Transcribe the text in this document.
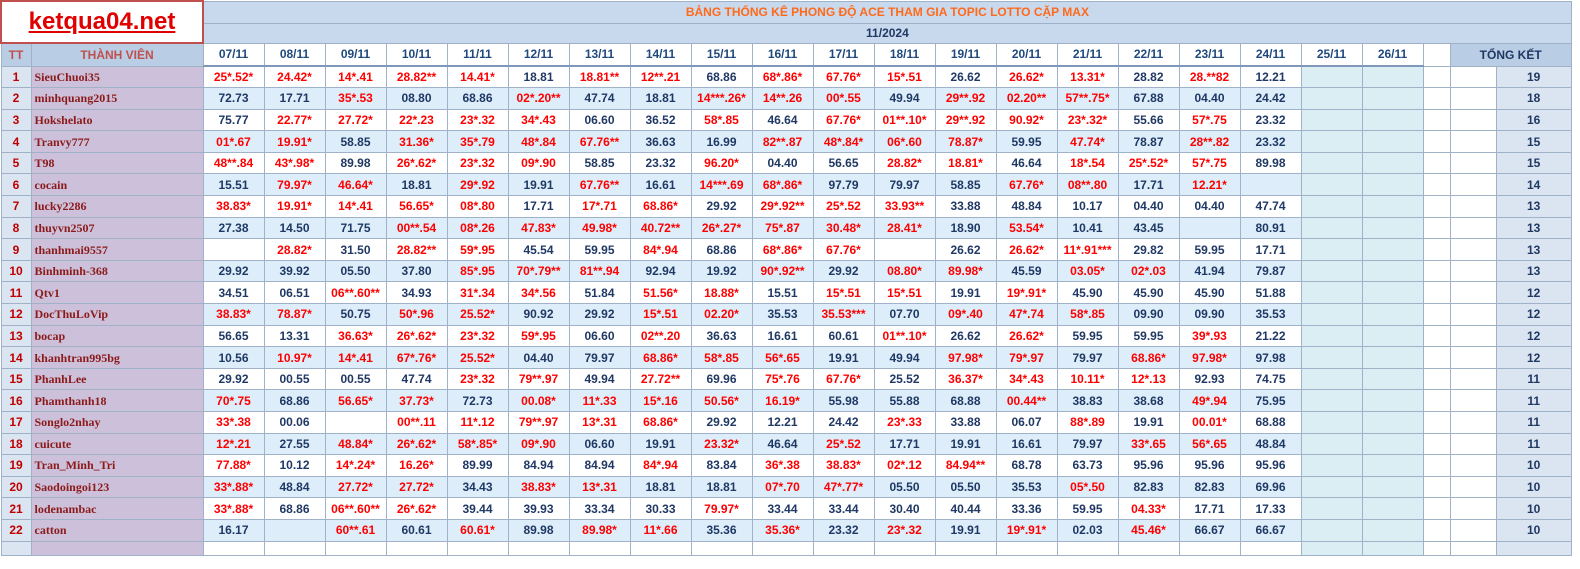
ketqua04.net		BẢNG THỐNG KÊ PHONG ĐỘ ACE THAM GIA TOPIC LOTTO CẶP MAX																						
		11/2024																						
TT	THÀNH VIÊN	07/11	08/11	09/11	10/11	11/11	12/11	13/11	14/11	15/11	16/11	17/11	18/11	19/11	20/11	21/11	22/11	23/11	24/11	25/11	26/11		TỔNG KẾT	
1	SieuChuoi35	25*.52*	24.42*	14*.41	28.82**	14.41*	18.81	18.81**	12**.21	68.86	68*.86*	67.76*	15*.51	26.62	26.62*	13.31*	28.82	28.**82	12.21					19
2	minhquang2015	72.73	17.71	35*.53	08.80	68.86	02*.20**	47.74	18.81	14***.26*	14**.26	00*.55	49.94	29**.92	02.20**	57**.75*	67.88	04.40	24.42					18
3	Hokshelato	75.77	22.77*	27.72*	22*.23	23*.32	34*.43	06.60	36.52	58*.85	46.64	67.76*	01**.10*	29**.92	90.92*	23*.32*	55.66	57*.75	23.32					16
4	Tranvy777	01*.67	19.91*	58.85	31.36*	35*.79	48*.84	67.76**	36.63	16.99	82**.87	48*.84*	06*.60	78.87*	59.95	47.74*	78.87	28**.82	23.32					15
5	T98	48**.84	43*.98*	89.98	26*.62*	23*.32	09*.90	58.85	23.32	96.20*	04.40	56.65	28.82*	18.81*	46.64	18*.54	25*.52*	57*.75	89.98					15
6	cocain	15.51	79.97*	46.64*	18.81	29*.92	19.91	67.76**	16.61	14***.69	68*.86*	97.79	79.97	58.85	67.76*	08**.80	17.71	12.21*						14
7	lucky2286	38.83*	19.91*	14*.41	56.65*	08*.80	17.71	17*.71	68.86*	29.92	29*.92**	25*.52	33.93**	33.88	48.84	10.17	04.40	04.40	47.74					13
8	thuyvn2507	27.38	14.50	71.75	00**.54	08*.26	47.83*	49.98*	40.72**	26*.27*	75*.87	30.48*	28.41*	18.90	53.54*	10.41	43.45		80.91					13
9	thanhmai9557		28.82*	31.50	28.82**	59*.95	45.54	59.95	84*.94	68.86	68*.86*	67.76*		26.62	26.62*	11*.91***	29.82	59.95	17.71					13
10	Binhminh-368	29.92	39.92	05.50	37.80	85*.95	70*.79**	81**.94	92.94	19.92	90*.92**	29.92	08.80*	89.98*	45.59	03.05*	02*.03	41.94	79.87					13
11	Qtv1	34.51	06.51	06**.60**	34.93	31*.34	34*.56	51.84	51.56*	18.88*	15.51	15*.51	15*.51	19.91	19*.91*	45.90	45.90	45.90	51.88					12
12	DocThuLoVip	38.83*	78.87*	50.75	50*.96	25.52*	90.92	29.92	15*.51	02.20*	35.53	35.53***	07.70	09*.40	47*.74	58*.85	09.90	09.90	35.53					12
13	bocap	56.65	13.31	36.63*	26*.62*	23*.32	59*.95	06.60	02**.20	36.63	16.61	60.61	01**.10*	26.62	26.62*	59.95	59.95	39*.93	21.22					12
14	khanhtran995bg	10.56	10.97*	14*.41	67*.76*	25.52*	04.40	79.97	68.86*	58*.85	56*.65	19.91	49.94	97.98*	79*.97	79.97	68.86*	97.98*	97.98					12
15	PhanhLee	29.92	00.55	00.55	47.74	23*.32	79**.97	49.94	27.72**	69.96	75*.76	67.76*	25.52	36.37*	34*.43	10.11*	12*.13	92.93	74.75					11
16	Phamthanh18	70*.75	68.86	56.65*	37.73*	72.73	00.08*	11*.33	15*.16	50.56*	16.19*	55.98	55.88	68.88	00.44**	38.83	38.68	49*.94	75.95					11
17	Songlo2nhay	33*.38	00.06		00**.11	11*.12	79**.97	13*.31	68.86*	29.92	12.21	24.42	23*.33	33.88	06.07	88*.89	19.91	00.01*	68.88					11
18	cuicute	12*.21	27.55	48.84*	26*.62*	58*.85*	09*.90	06.60	19.91	23.32*	46.64	25*.52	17.71	19.91	16.61	79.97	33*.65	56*.65	48.84					11
19	Tran_Minh_Tri	77.88*	10.12	14*.24*	16.26*	89.99	84.94	84.94	84*.94	83.84	36*.38	38.83*	02*.12	84.94**	68.78	63.73	95.96	95.96	95.96					10
20	Saodoingoi123	33*.88*	48.84	27.72*	27.72*	34.43	38.83*	13*.31	18.81	18.81	07*.70	47*.77*	05.50	05.50	35.53	05*.50	82.83	82.83	69.96					10
21	lodenambac	33*.88*	68.86	06**.60**	26*.62*	39.44	39.93	33.34	30.33	79.97*	33.44	33.44	30.40	40.44	33.36	59.95	04.33*	17.71	17.33					10
22	catton	16.17		60**.61	60.61	60.61*	89.98	89.98*	11*.66	35.36	35.36*	23.32	23*.32	19.91	19*.91*	02.03	45.46*	66.67	66.67					10
